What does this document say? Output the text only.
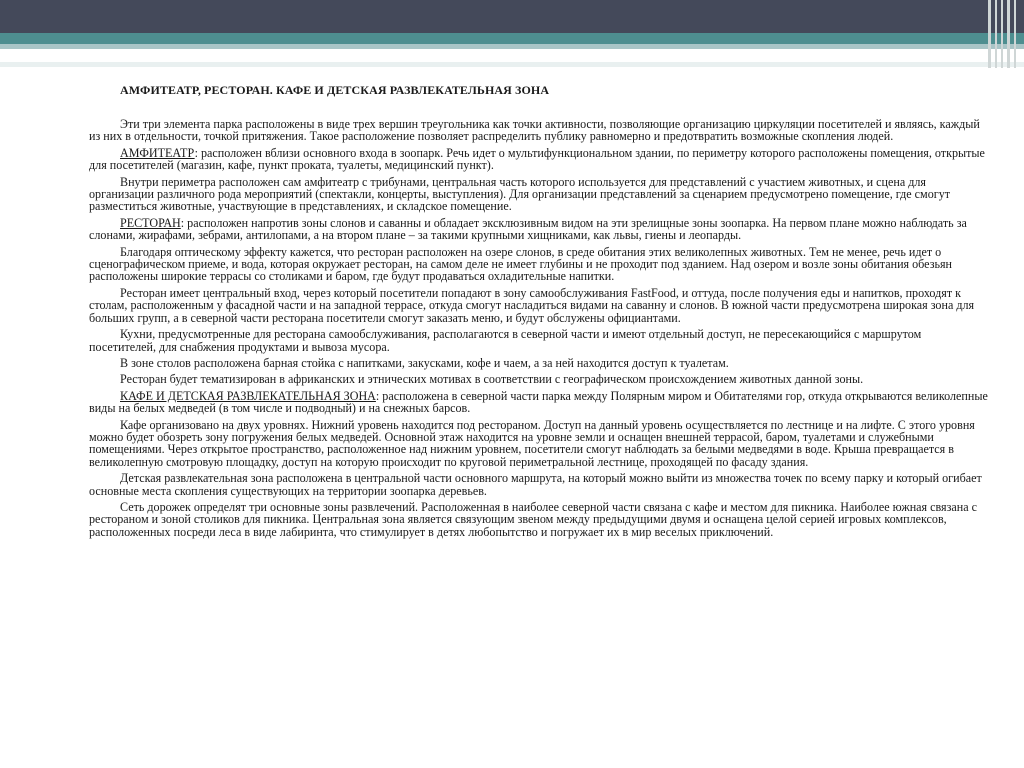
АМФИТЕАТР, РЕСТОРАН. КАФЕ И ДЕТСКАЯ РАЗВЛЕКАТЕЛЬНАЯ ЗОНА

Эти три элемента парка расположены в виде трех вершин треугольника как точки активности, позволяющие организацию циркуляции посетителей и являясь, каждый из них в отдельности, точкой притяжения. Такое расположение позволяет распределить публику равномерно и предотвратить возможные скопления людей.

АМФИТЕАТР: расположен вблизи основного входа в зоопарк. Речь идет о мультифункциональном здании, по периметру которого расположены помещения, открытые для посетителей (магазин, кафе, пункт проката, туалеты, медицинский пункт).

Внутри периметра расположен сам амфитеатр с трибунами, центральная часть которого используется для представлений с участием животных, и сцена для организации различного рода мероприятий (спектакли, концерты, выступления). Для организации представлений за сценарием предусмотрено помещение, где смогут разместиться животные, участвующие в представлениях, и складское помещение.

РЕСТОРАН: расположен напротив зоны слонов и саванны и обладает эксклюзивным видом на эти зрелищные зоны зоопарка. На первом плане можно наблюдать за слонами, жирафами, зебрами, антилопами, а на втором плане – за такими крупными хищниками, как львы, гиены и леопарды.

Благодаря оптическому эффекту кажется, что ресторан расположен на озере слонов, в среде обитания этих великолепных животных. Тем не менее, речь идет о сценографическом приеме, и вода, которая окружает ресторан, на самом деле не имеет глубины и не проходит под зданием. Над озером и возле зоны обитания обезьян расположены широкие террасы со столиками и баром, где будут продаваться охладительные напитки.

Ресторан имеет центральный вход, через который посетители попадают в зону самообслуживания FastFood, и оттуда, после получения еды и напитков, проходят к столам, расположенным у фасадной части и на западной террасе, откуда смогут насладиться видами на саванну и слонов. В южной части предусмотрена широкая зона для больших групп, а в северной части ресторана посетители смогут заказать меню, и будут обслужены официантами.

Кухни, предусмотренные для ресторана самообслуживания, располагаются в северной части и имеют отдельный доступ, не пересекающийся с маршрутом посетителей, для снабжения продуктами и вывоза мусора.

В зоне столов расположена барная стойка с напитками, закусками, кофе и чаем, а за ней находится доступ к туалетам.

Ресторан будет тематизирован в африканских и этнических мотивах в соответствии с географическом происхождением животных данной зоны.

КАФЕ И ДЕТСКАЯ РАЗВЛЕКАТЕЛЬНАЯ ЗОНА: расположена в северной части парка между Полярным миром и Обитателями гор, откуда открываются великолепные виды на белых медведей (в том числе и подводный) и на снежных барсов.

Кафе организовано на двух уровнях. Нижний уровень находится под рестораном. Доступ на данный уровень осуществляется по лестнице и на лифте. С этого уровня можно будет обозреть зону погружения белых медведей. Основной этаж находится на уровне земли и оснащен внешней террасой, баром, туалетами и служебными помещениями. Через открытое пространство, расположенное над нижним уровнем, посетители смогут наблюдать за белыми медведями в воде. Крыша превращается в великолепную смотровую площадку, доступ на которую происходит по круговой периметральной лестнице, проходящей по фасаду здания.

Детская развлекательная зона расположена в центральной части основного маршрута, на который можно выйти из множества точек по всему парку и который огибает основные места скопления существующих на территории зоопарка деревьев.

Сеть дорожек определят три основные зоны развлечений. Расположенная в наиболее северной части связана с кафе и местом для пикника. Наиболее южная связана с рестораном и зоной столиков для пикника. Центральная зона является связующим звеном между предыдущими двумя и оснащена целой серией игровых комплексов, расположенных посреди леса в виде лабиринта, что стимулирует в детях любопытство и погружает их в мир веселых приключений.
